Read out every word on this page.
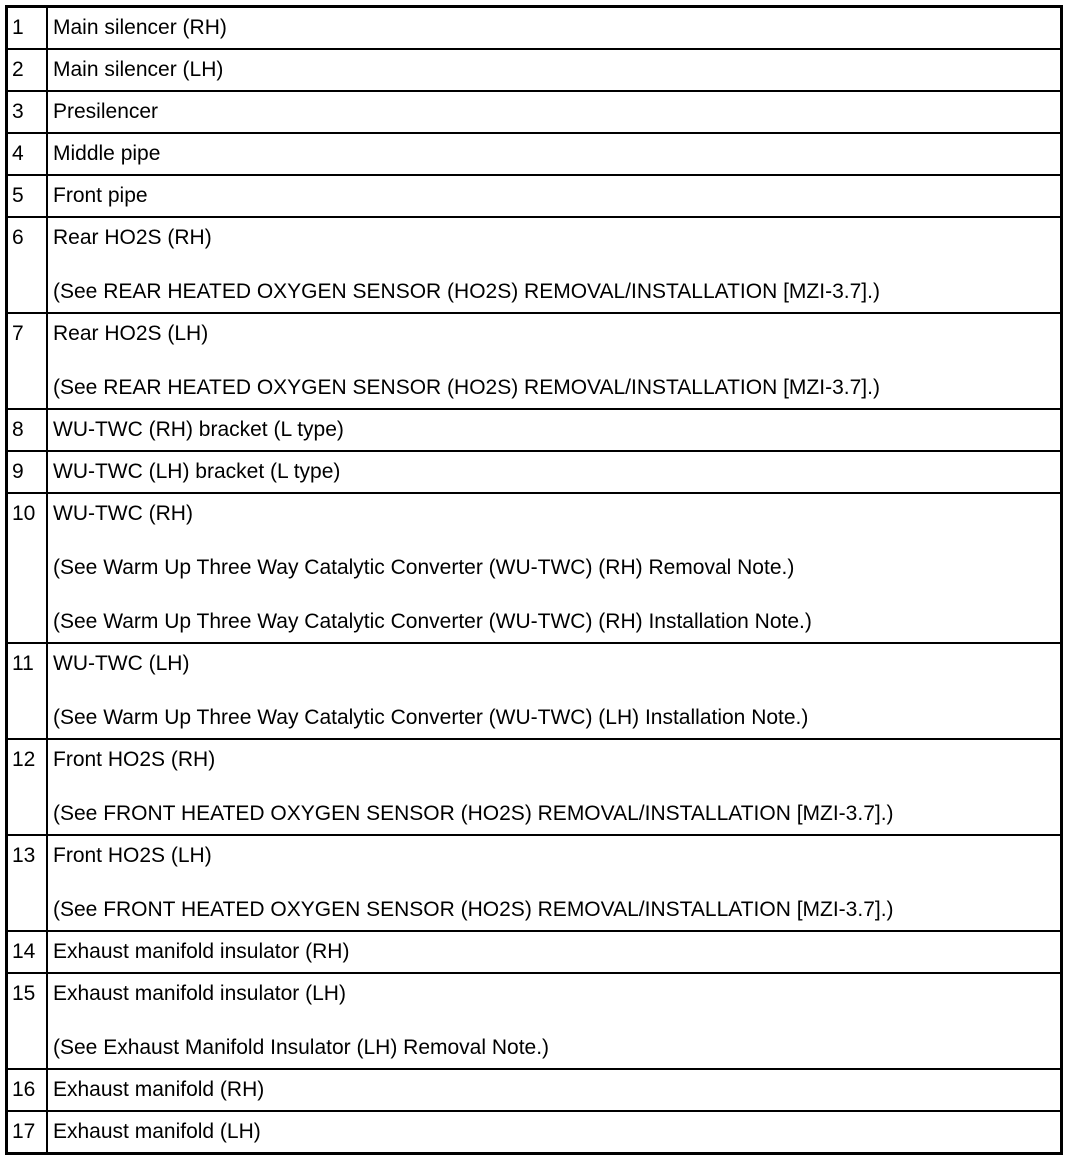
1	Main silencer (RH)

2	Main silencer (LH)

3	Presilencer

4	Middle pipe

5	Front pipe

6	Rear HO2S (RH)
(See REAR HEATED OXYGEN SENSOR (HO2S) REMOVAL/INSTALLATION [MZI-3.7].)

7	Rear HO2S (LH)
(See REAR HEATED OXYGEN SENSOR (HO2S) REMOVAL/INSTALLATION [MZI-3.7].)

8	WU-TWC (RH) bracket (L type)

9	WU-TWC (LH) bracket (L type)

10	WU-TWC (RH)
(See Warm Up Three Way Catalytic Converter (WU-TWC) (RH) Removal Note.)
(See Warm Up Three Way Catalytic Converter (WU-TWC) (RH) Installation Note.)

11	WU-TWC (LH)
(See Warm Up Three Way Catalytic Converter (WU-TWC) (LH) Installation Note.)

12	Front HO2S (RH)
(See FRONT HEATED OXYGEN SENSOR (HO2S) REMOVAL/INSTALLATION [MZI-3.7].)

13	Front HO2S (LH)
(See FRONT HEATED OXYGEN SENSOR (HO2S) REMOVAL/INSTALLATION [MZI-3.7].)

14	Exhaust manifold insulator (RH)

15	Exhaust manifold insulator (LH)
(See Exhaust Manifold Insulator (LH) Removal Note.)

16	Exhaust manifold (RH)

17	Exhaust manifold (LH)
